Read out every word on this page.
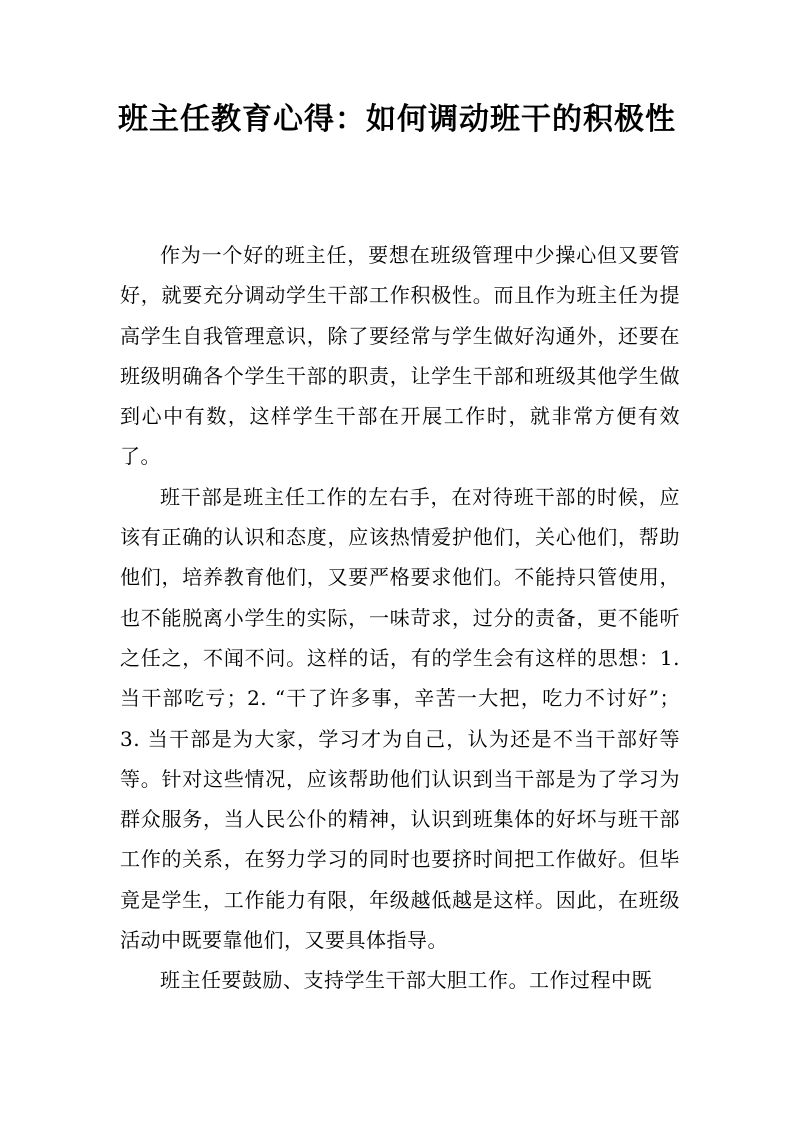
班主任教育心得：如何调动班干的积极性

作为一个好的班主任，要想在班级管理中少操心但又要管好，就要充分调动学生干部工作积极性。而且作为班主任为提高学生自我管理意识，除了要经常与学生做好沟通外，还要在班级明确各个学生干部的职责，让学生干部和班级其他学生做到心中有数，这样学生干部在开展工作时，就非常方便有效了。

班干部是班主任工作的左右手，在对待班干部的时候，应该有正确的认识和态度，应该热情爱护他们，关心他们，帮助他们，培养教育他们，又要严格要求他们。不能持只管使用，也不能脱离小学生的实际，一味苛求，过分的责备，更不能听之任之，不闻不问。这样的话，有的学生会有这样的思想：1. 当干部吃亏；2. “干了许多事，辛苦一大把，吃力不讨好”；3. 当干部是为大家，学习才为自己，认为还是不当干部好等等。针对这些情况，应该帮助他们认识到当干部是为了学习为群众服务，当人民公仆的精神，认识到班集体的好坏与班干部工作的关系，在努力学习的同时也要挤时间把工作做好。但毕竟是学生，工作能力有限，年级越低越是这样。因此，在班级活动中既要靠他们，又要具体指导。

班主任要鼓励、支持学生干部大胆工作。工作过程中既
